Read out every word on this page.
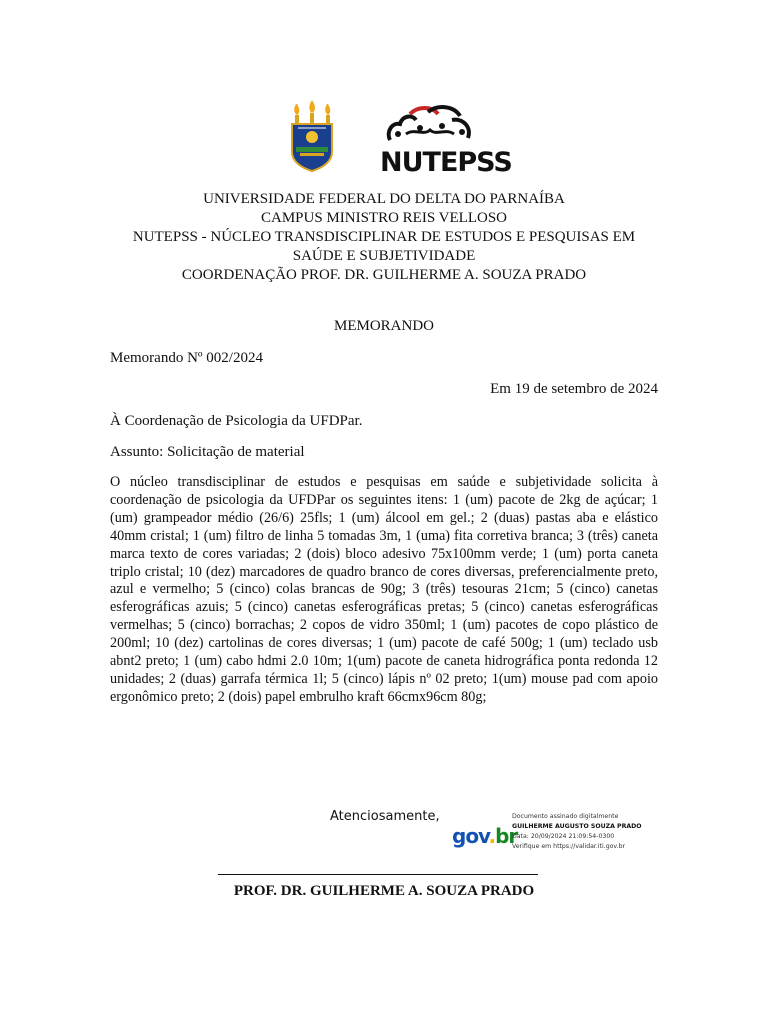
NUTEPSS
UNIVERSIDADE FEDERAL DO DELTA DO PARNAÍBA
CAMPUS MINISTRO REIS VELLOSO
NUTEPSS - NÚCLEO TRANSDISCIPLINAR DE ESTUDOS E PESQUISAS EM
SAÚDE E SUBJETIVIDADE
COORDENAÇÃO PROF. DR. GUILHERME A. SOUZA PRADO
MEMORANDO
Memorando Nº 002/2024
Em 19 de setembro de 2024
À Coordenação de Psicologia da UFDPar.
Assunto: Solicitação de material
O núcleo transdisciplinar de estudos e pesquisas em saúde e subjetividade solicita à coordenação de psicologia da UFDPar os seguintes itens: 1 (um) pacote de 2kg de açúcar; 1 (um) grampeador médio (26/6) 25fls; 1 (um) álcool em gel.; 2 (duas) pastas aba e elástico 40mm cristal; 1 (um) filtro de linha 5 tomadas 3m, 1 (uma) fita corretiva branca; 3 (três) caneta marca texto de cores variadas; 2 (dois) bloco adesivo 75x100mm verde; 1 (um) porta caneta triplo cristal; 10 (dez) marcadores de quadro branco de cores diversas, preferencialmente preto, azul e vermelho; 5 (cinco) colas brancas de 90g; 3 (três) tesouras 21cm; 5 (cinco) canetas esferográficas azuis; 5 (cinco) canetas esferográficas pretas; 5 (cinco) canetas esferográficas vermelhas; 5 (cinco) borrachas; 2 copos de vidro 350ml; 1 (um) pacotes de copo plástico de 200ml; 10 (dez) cartolinas de cores diversas; 1 (um) pacote de café 500g; 1 (um) teclado usb abnt2 preto; 1 (um) cabo hdmi 2.0 10m; 1(um) pacote de caneta hidrográfica ponta redonda 12 unidades; 2 (duas) garrafa térmica 1l; 5 (cinco) lápis nº 02 preto; 1(um) mouse pad com apoio ergonômico preto; 2 (dois) papel embrulho kraft 66cmx96cm 80g;
Atenciosamente,
gov.br
Documento assinado digitalmente
GUILHERME AUGUSTO SOUZA PRADO
Data: 20/09/2024 21:09:54-0300
Verifique em https://validar.iti.gov.br
PROF. DR. GUILHERME A. SOUZA PRADO
